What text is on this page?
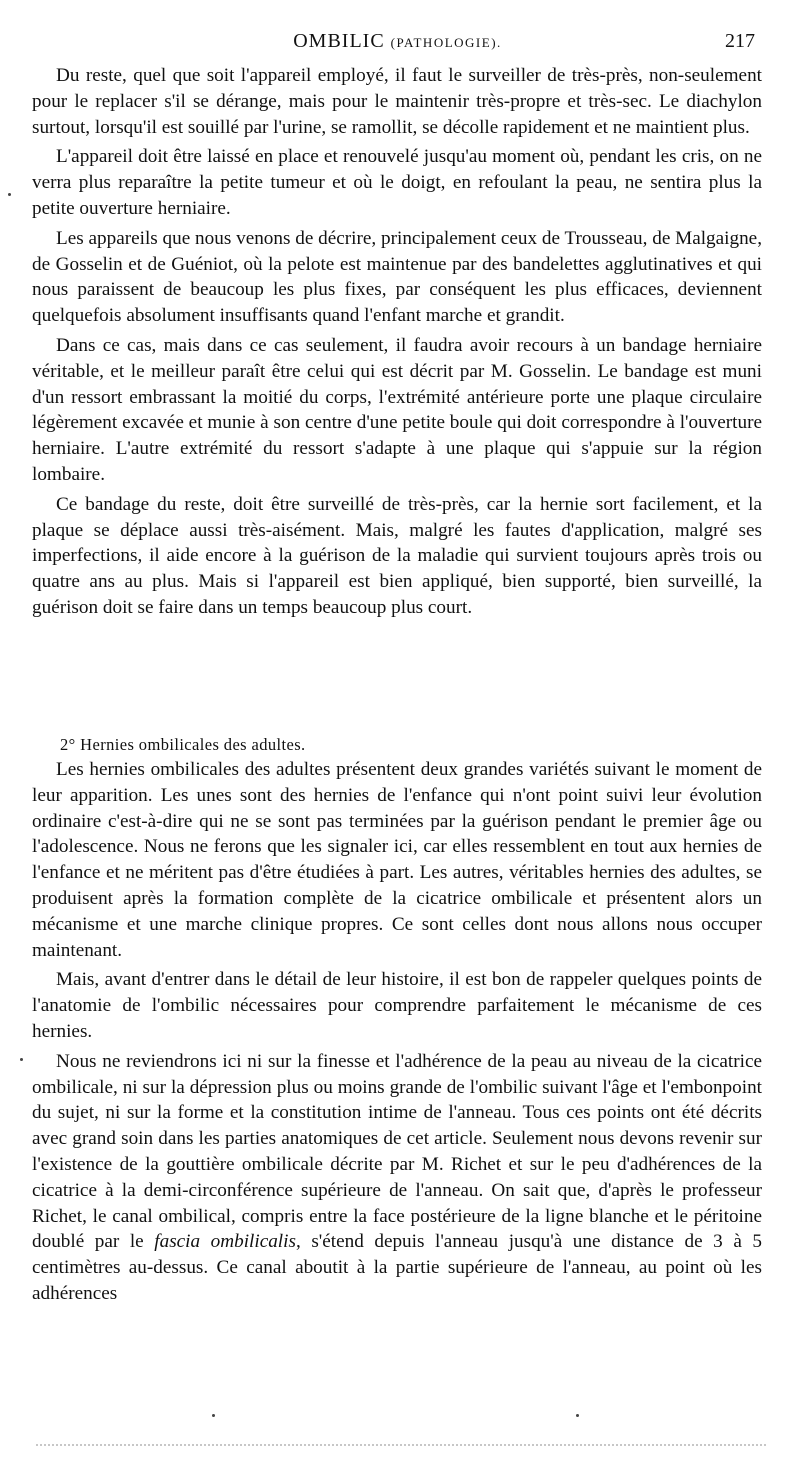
OMBILIC (PATHOLOGIE).	217

Du reste, quel que soit l'appareil employé, il faut le surveiller de très-près, non-seulement pour le replacer s'il se dérange, mais pour le maintenir très-propre et très-sec. Le diachylon surtout, lorsqu'il est souillé par l'urine, se ramollit, se décolle rapidement et ne maintient plus.

L'appareil doit être laissé en place et renouvelé jusqu'au moment où, pendant les cris, on ne verra plus reparaître la petite tumeur et où le doigt, en refoulant la peau, ne sentira plus la petite ouverture herniaire.

Les appareils que nous venons de décrire, principalement ceux de Trousseau, de Malgaigne, de Gosselin et de Guéniot, où la pelote est maintenue par des bandelettes agglutinatives et qui nous paraissent de beaucoup les plus fixes, par conséquent les plus efficaces, deviennent quelquefois absolument insuffisants quand l'enfant marche et grandit.

Dans ce cas, mais dans ce cas seulement, il faudra avoir recours à un bandage herniaire véritable, et le meilleur paraît être celui qui est décrit par M. Gosselin. Le bandage est muni d'un ressort embrassant la moitié du corps, l'extrémité antérieure porte une plaque circulaire légèrement excavée et munie à son centre d'une petite boule qui doit correspondre à l'ouverture herniaire. L'autre extrémité du ressort s'adapte à une plaque qui s'appuie sur la région lombaire.

Ce bandage du reste, doit être surveillé de très-près, car la hernie sort facilement, et la plaque se déplace aussi très-aisément. Mais, malgré les fautes d'application, malgré ses imperfections, il aide encore à la guérison de la maladie qui survient toujours après trois ou quatre ans au plus. Mais si l'appareil est bien appliqué, bien supporté, bien surveillé, la guérison doit se faire dans un temps beaucoup plus court.

2° Hernies ombilicales des adultes.

Les hernies ombilicales des adultes présentent deux grandes variétés suivant le moment de leur apparition. Les unes sont des hernies de l'enfance qui n'ont point suivi leur évolution ordinaire c'est-à-dire qui ne se sont pas terminées par la guérison pendant le premier âge ou l'adolescence. Nous ne ferons que les signaler ici, car elles ressemblent en tout aux hernies de l'enfance et ne méritent pas d'être étudiées à part. Les autres, véritables hernies des adultes, se produisent après la formation complète de la cicatrice ombilicale et présentent alors un mécanisme et une marche clinique propres. Ce sont celles dont nous allons nous occuper maintenant.

Mais, avant d'entrer dans le détail de leur histoire, il est bon de rappeler quelques points de l'anatomie de l'ombilic nécessaires pour comprendre parfaitement le mécanisme de ces hernies.

Nous ne reviendrons ici ni sur la finesse et l'adhérence de la peau au niveau de la cicatrice ombilicale, ni sur la dépression plus ou moins grande de l'ombilic suivant l'âge et l'embonpoint du sujet, ni sur la forme et la constitution intime de l'anneau. Tous ces points ont été décrits avec grand soin dans les parties anatomiques de cet article. Seulement nous devons revenir sur l'existence de la gouttière ombilicale décrite par M. Richet et sur le peu d'adhérences de la cicatrice à la demi-circonférence supérieure de l'anneau. On sait que, d'après le professeur Richet, le canal ombilical, compris entre la face postérieure de la ligne blanche et le péritoine doublé par le fascia ombilicalis, s'étend depuis l'anneau jusqu'à une distance de 3 à 5 centimètres au-dessus. Ce canal aboutit à la partie supérieure de l'anneau, au point où les adhérences
